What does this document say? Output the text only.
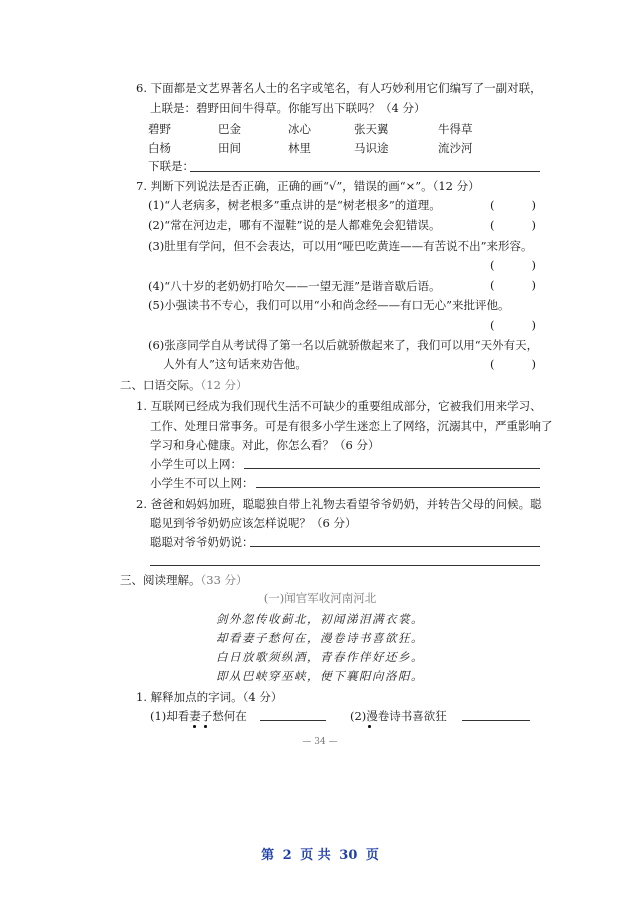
6. 下面都是文艺界著名人士的名字或笔名，有人巧妙利用它们编写了一副对联，
上联是：碧野田间牛得草。你能写出下联吗？（4 分）
碧野	巴金	冰心	张天翼	牛得草
白杨	田间	林里	马识途	流沙河
下联是：
7. 判断下列说法是否正确，正确的画“√”，错误的画“×”。（12 分）
(1)“人老病多，树老根多”重点讲的是“树老根多”的道理。	(	)
(2)“常在河边走，哪有不湿鞋”说的是人都难免会犯错误。	(	)
(3)肚里有学问，但不会表达，可以用“哑巴吃黄连——有苦说不出”来形容。
(	)
(4)“八十岁的老奶奶打哈欠——一望无涯”是谐音歇后语。	(	)
(5)小强读书不专心，我们可以用“小和尚念经——有口无心”来批评他。
(	)
(6)张彦同学自从考试得了第一名以后就骄傲起来了，我们可以用“天外有天，
人外有人”这句话来劝告他。	(	)
二、口语交际。（12 分）
1. 互联网已经成为我们现代生活不可缺少的重要组成部分，它被我们用来学习、
工作、处理日常事务。可是有很多小学生迷恋上了网络，沉溺其中，严重影响了
学习和身心健康。对此，你怎么看？（6 分）
小学生可以上网：
小学生不可以上网：
2. 爸爸和妈妈加班，聪聪独自带上礼物去看望爷爷奶奶，并转告父母的问候。聪
聪见到爷爷奶奶应该怎样说呢？（6 分）
聪聪对爷爷奶奶说：
三、阅读理解。（33 分）
(一)闻官军收河南河北
剑外忽传收蓟北，初闻涕泪满衣裳。
却看妻子愁何在，漫卷诗书喜欲狂。
白日放歌须纵酒，青春作伴好还乡。
即从巴峡穿巫峡，便下襄阳向洛阳。
1. 解释加点的字词。（4 分）
(1)却看妻子愁何在	(2)漫卷诗书喜欲狂
— 34 —
第 2 页 共 30 页
